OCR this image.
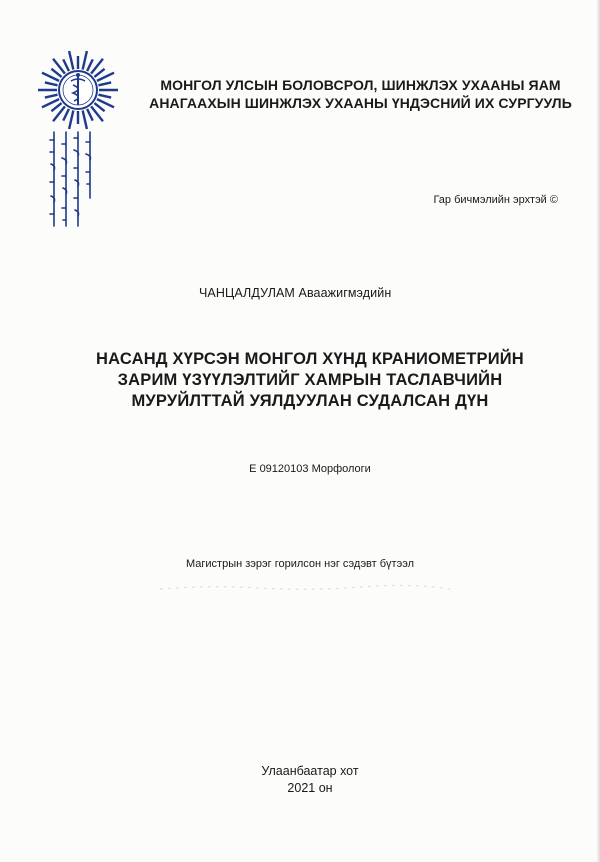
МОНГОЛ УЛСЫН БОЛОВСРОЛ, ШИНЖЛЭХ УХААНЫ ЯАМ
АНАГААХЫН ШИНЖЛЭХ УХААНЫ ҮНДЭСНИЙ ИХ СУРГУУЛЬ
Гар бичмэлийн эрхтэй ©
ЧАНЦАЛДУЛАМ Аваажигмэдийн
НАСАНД ХҮРСЭН МОНГОЛ ХҮНД КРАНИОМЕТРИЙН
ЗАРИМ ҮЗҮҮЛЭЛТИЙГ ХАМРЫН ТАСЛАВЧИЙН
МУРУЙЛТТАЙ УЯЛДУУЛАН СУДАЛСАН ДҮН
E 09120103 Морфологи
Магистрын зэрэг горилсон нэг сэдэвт бүтээл
Улаанбаатар хот
2021 он
